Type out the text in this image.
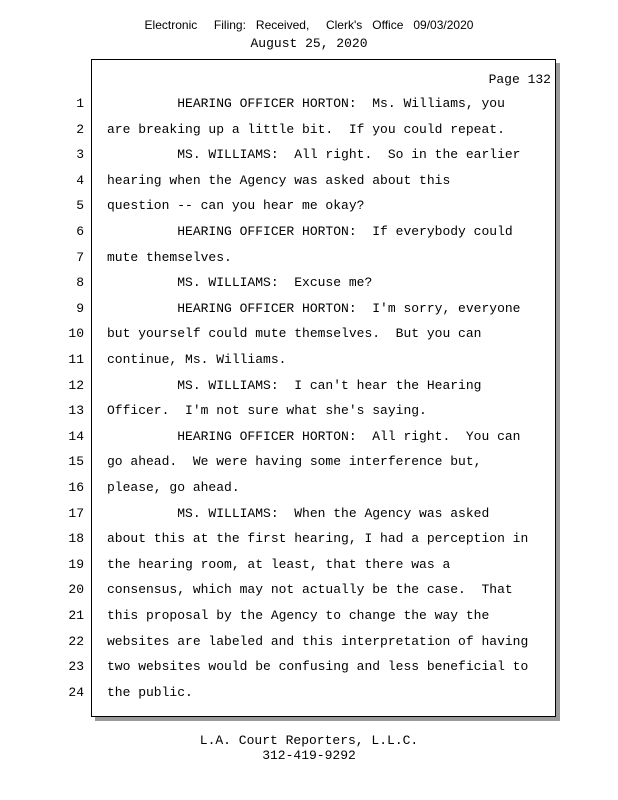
Electronic     Filing:   Received,     Clerk's   Office   09/03/2020
August 25, 2020
Page 132
1 HEARING OFFICER HORTON:  Ms. Williams, you
2 are breaking up a little bit.  If you could repeat.
3 MS. WILLIAMS:  All right.  So in the earlier
4 hearing when the Agency was asked about this
5 question -- can you hear me okay?
6 HEARING OFFICER HORTON:  If everybody could
7 mute themselves.
8 MS. WILLIAMS:  Excuse me?
9 HEARING OFFICER HORTON:  I'm sorry, everyone
10 but yourself could mute themselves.  But you can
11 continue, Ms. Williams.
12 MS. WILLIAMS:  I can't hear the Hearing
13 Officer.  I'm not sure what she's saying.
14 HEARING OFFICER HORTON:  All right.  You can
15 go ahead.  We were having some interference but,
16 please, go ahead.
17 MS. WILLIAMS:  When the Agency was asked
18 about this at the first hearing, I had a perception in
19 the hearing room, at least, that there was a
20 consensus, which may not actually be the case.  That
21 this proposal by the Agency to change the way the
22 websites are labeled and this interpretation of having
23 two websites would be confusing and less beneficial to
24 the public.
L.A. Court Reporters, L.L.C.
312-419-9292
